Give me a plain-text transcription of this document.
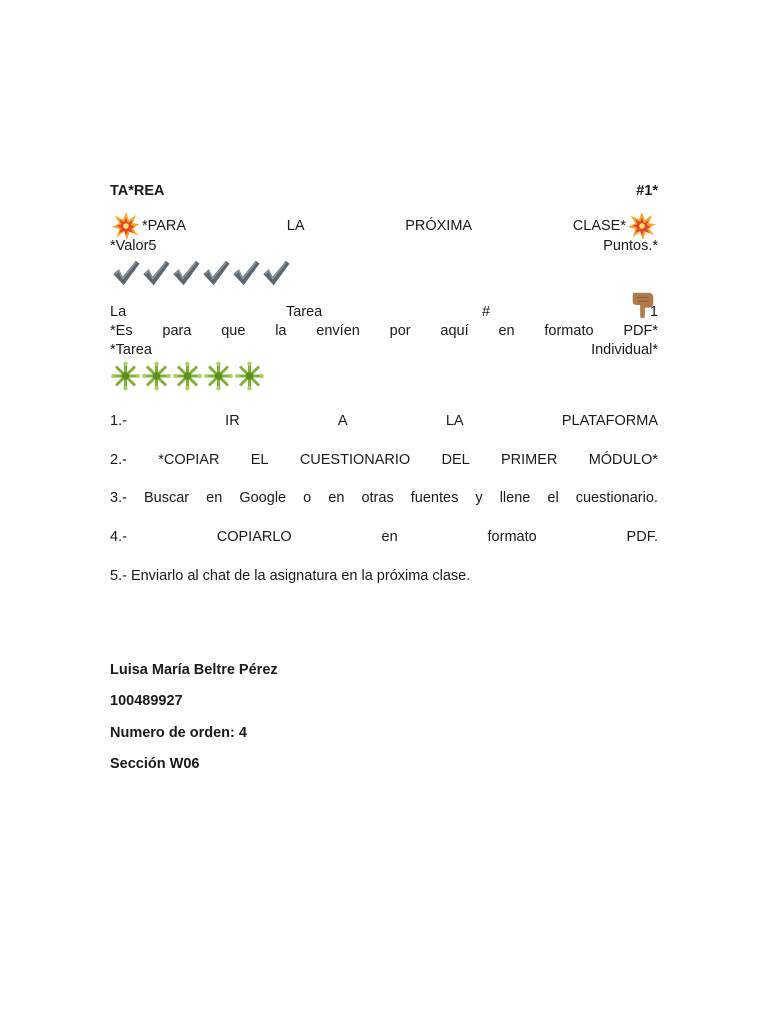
TA*REA	#1*
*PARA	LA	PRÓXIMA	CLASE*
*Valor5	Puntos.*
La	Tarea	#	1
*Es para que la envíen por aquí en formato PDF*
*Tarea	Individual*
1.-	IR	A	LA	PLATAFORMA
2.- *COPIAR EL CUESTIONARIO DEL PRIMER MÓDULO*
3.- Buscar en Google o en otras fuentes y llene el cuestionario.
4.-	COPIARLO	en	formato	PDF.
5.- Enviarlo al chat de la asignatura en la próxima clase.
Luisa María Beltre Pérez
100489927
Numero de orden: 4
Sección W06
